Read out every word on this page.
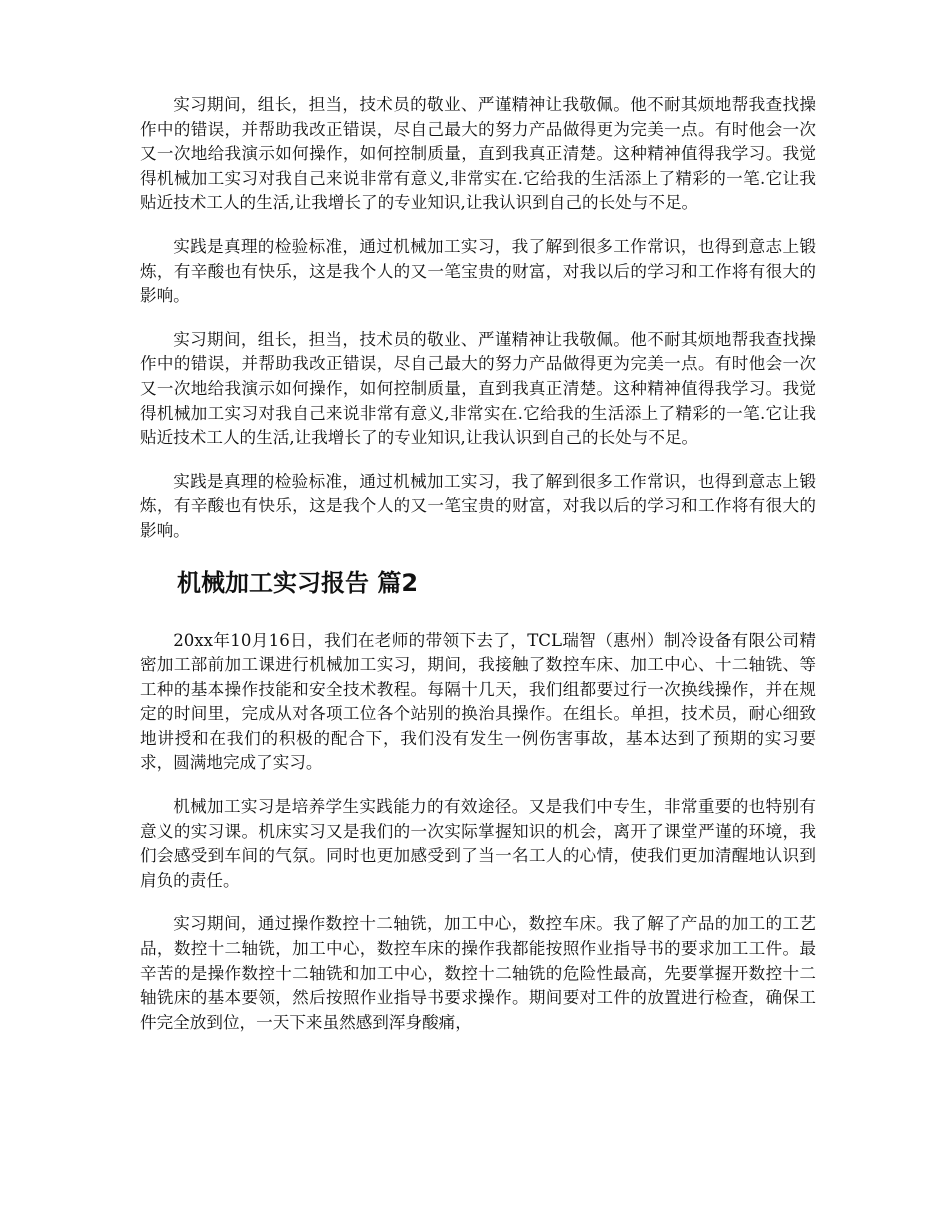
实习期间，组长，担当，技术员的敬业、严谨精神让我敬佩。他不耐其烦地帮我查找操作中的错误，并帮助我改正错误，尽自己最大的努力产品做得更为完美一点。有时他会一次又一次地给我演示如何操作，如何控制质量，直到我真正清楚。这种精神值得我学习。我觉得机械加工实习对我自己来说非常有意义,非常实在.它给我的生活添上了精彩的一笔.它让我贴近技术工人的生活,让我增长了的专业知识,让我认识到自己的长处与不足。

实践是真理的检验标准，通过机械加工实习，我了解到很多工作常识，也得到意志上锻炼，有辛酸也有快乐，这是我个人的又一笔宝贵的财富，对我以后的学习和工作将有很大的影响。

实习期间，组长，担当，技术员的敬业、严谨精神让我敬佩。他不耐其烦地帮我查找操作中的错误，并帮助我改正错误，尽自己最大的努力产品做得更为完美一点。有时他会一次又一次地给我演示如何操作，如何控制质量，直到我真正清楚。这种精神值得我学习。我觉得机械加工实习对我自己来说非常有意义,非常实在.它给我的生活添上了精彩的一笔.它让我贴近技术工人的生活,让我增长了的专业知识,让我认识到自己的长处与不足。

实践是真理的检验标准，通过机械加工实习，我了解到很多工作常识，也得到意志上锻炼，有辛酸也有快乐，这是我个人的又一笔宝贵的财富，对我以后的学习和工作将有很大的影响。

机械加工实习报告 篇2

20xx年10月16日，我们在老师的带领下去了，TCL瑞智（惠州）制冷设备有限公司精密加工部前加工课进行机械加工实习，期间，我接触了数控车床、加工中心、十二轴铣、等工种的基本操作技能和安全技术教程。每隔十几天，我们组都要过行一次换线操作，并在规定的时间里，完成从对各项工位各个站别的换治具操作。在组长。单担，技术员，耐心细致地讲授和在我们的积极的配合下，我们没有发生一例伤害事故，基本达到了预期的实习要求，圆满地完成了实习。

机械加工实习是培养学生实践能力的有效途径。又是我们中专生，非常重要的也特别有意义的实习课。机床实习又是我们的一次实际掌握知识的机会，离开了课堂严谨的环境，我们会感受到车间的气氛。同时也更加感受到了当一名工人的心情，使我们更加清醒地认识到肩负的责任。

实习期间，通过操作数控十二轴铣，加工中心，数控车床。我了解了产品的加工的工艺品，数控十二轴铣，加工中心，数控车床的操作我都能按照作业指导书的要求加工工件。最辛苦的是操作数控十二轴铣和加工中心，数控十二轴铣的危险性最高，先要掌握开数控十二轴铣床的基本要领，然后按照作业指导书要求操作。期间要对工件的放置进行检查，确保工件完全放到位，一天下来虽然感到浑身酸痛，
